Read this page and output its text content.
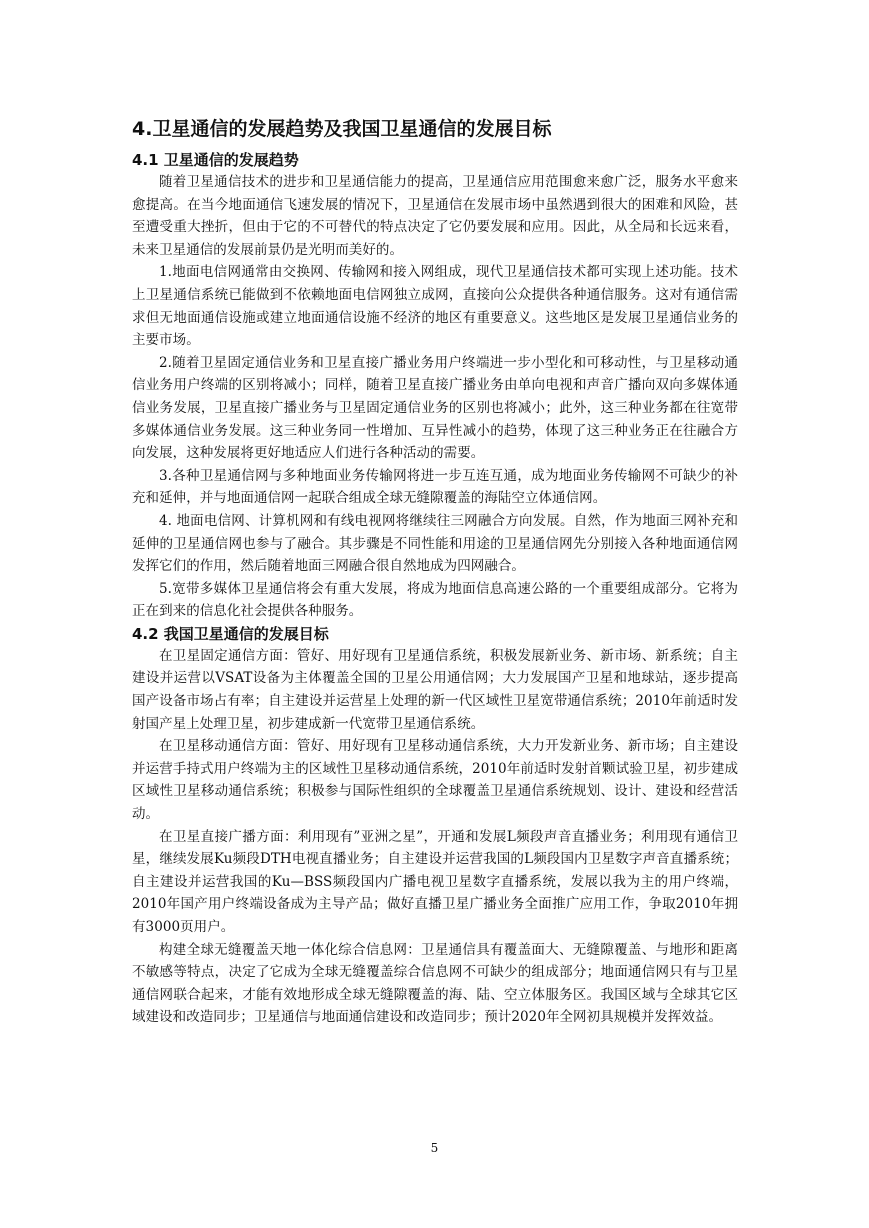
4.卫星通信的发展趋势及我国卫星通信的发展目标
4.1 卫星通信的发展趋势

随着卫星通信技术的进步和卫星通信能力的提高，卫星通信应用范围愈来愈广泛，服务水平愈来愈提高。在当今地面通信飞速发展的情况下，卫星通信在发展市场中虽然遇到很大的困难和风险，甚至遭受重大挫折，但由于它的不可替代的特点决定了它仍要发展和应用。因此，从全局和长远来看，未来卫星通信的发展前景仍是光明而美好的。

1.地面电信网通常由交换网、传输网和接入网组成，现代卫星通信技术都可实现上述功能。技术上卫星通信系统已能做到不依赖地面电信网独立成网，直接向公众提供各种通信服务。这对有通信需求但无地面通信设施或建立地面通信设施不经济的地区有重要意义。这些地区是发展卫星通信业务的主要市场。

2.随着卫星固定通信业务和卫星直接广播业务用户终端进一步小型化和可移动性，与卫星移动通信业务用户终端的区别将减小；同样，随着卫星直接广播业务由单向电视和声音广播向双向多媒体通信业务发展，卫星直接广播业务与卫星固定通信业务的区别也将减小；此外，这三种业务都在往宽带多媒体通信业务发展。这三种业务同一性增加、互异性减小的趋势，体现了这三种业务正在往融合方向发展，这种发展将更好地适应人们进行各种活动的需要。

3.各种卫星通信网与多种地面业务传输网将进一步互连互通，成为地面业务传输网不可缺少的补充和延伸，并与地面通信网一起联合组成全球无缝隙覆盖的海陆空立体通信网。

4. 地面电信网、计算机网和有线电视网将继续往三网融合方向发展。自然，作为地面三网补充和延伸的卫星通信网也参与了融合。其步骤是不同性能和用途的卫星通信网先分别接入各种地面通信网发挥它们的作用，然后随着地面三网融合很自然地成为四网融合。

5.宽带多媒体卫星通信将会有重大发展，将成为地面信息高速公路的一个重要组成部分。它将为正在到来的信息化社会提供各种服务。

4.2 我国卫星通信的发展目标

在卫星固定通信方面：管好、用好现有卫星通信系统，积极发展新业务、新市场、新系统；自主建设并运营以VSAT设备为主体覆盖全国的卫星公用通信网；大力发展国产卫星和地球站，逐步提高国产设备市场占有率；自主建设并运营星上处理的新一代区域性卫星宽带通信系统；2010年前适时发射国产星上处理卫星，初步建成新一代宽带卫星通信系统。

在卫星移动通信方面：管好、用好现有卫星移动通信系统，大力开发新业务、新市场；自主建设并运营手持式用户终端为主的区域性卫星移动通信系统，2010年前适时发射首颗试验卫星，初步建成区域性卫星移动通信系统；积极参与国际性组织的全球覆盖卫星通信系统规划、设计、建设和经营活动。

在卫星直接广播方面：利用现有”亚洲之星”，开通和发展L频段声音直播业务；利用现有通信卫星，继续发展Ku频段DTH电视直播业务；自主建设并运营我国的L频段国内卫星数字声音直播系统；自主建设并运营我国的Ku—BSS频段国内广播电视卫星数字直播系统，发展以我为主的用户终端，2010年国产用户终端设备成为主导产品；做好直播卫星广播业务全面推广应用工作，争取2010年拥有3000页用户。

构建全球无缝覆盖天地一体化综合信息网：卫星通信具有覆盖面大、无缝隙覆盖、与地形和距离不敏感等特点，决定了它成为全球无缝覆盖综合信息网不可缺少的组成部分；地面通信网只有与卫星通信网联合起来，才能有效地形成全球无缝隙覆盖的海、陆、空立体服务区。我国区域与全球其它区域建设和改造同步；卫星通信与地面通信建设和改造同步；预计2020年全网初具规模并发挥效益。

5
